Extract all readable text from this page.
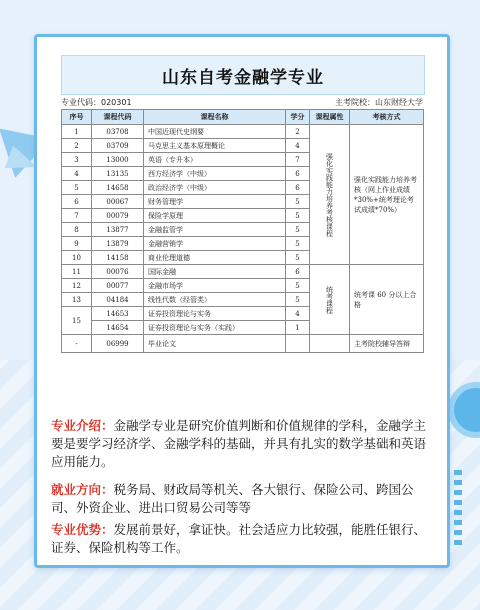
山东自考金融学专业
专业代码：020301	主考院校：山东财经大学
序号	课程代码	课程名称	学分	课程属性	考核方式
1	03708	中国近现代史纲要	2	强化实践能力培养考核课程	强化实践能力培养考核（网上作业成绩*30%+统考理论考试成绩*70%）
2	03709	马克思主义基本原理概论	4		
3	13000	英语（专升本）	7		
4	13135	西方经济学（中级）	6		
5	14658	政治经济学（中级）	6		
6	00067	财务管理学	5		
7	00079	保险学原理	5		
8	13877	金融监管学	5		
9	13879	金融营销学	5		
10	14158	商业伦理道德	5		
11	00076	国际金融	6	统考课程	统考课 60 分以上合格
12	00077	金融市场学	5		
13	04184	线性代数（经管类）	5		
15	14653	证券投资理论与实务	4		
	14654	证券投资理论与实务（实践）	1		
-	06999	毕业论文			主考院校辅导答辩
专业介绍：金融学专业是研究价值判断和价值规律的学科，金融学主要是要学习经济学、金融学科的基础，并具有扎实的数学基础和英语应用能力。
就业方向：税务局、财政局等机关、各大银行、保险公司、跨国公司、外资企业、进出口贸易公司等等
专业优势：发展前景好，拿证快。社会适应力比较强，能胜任银行、证券、保险机构等工作。
